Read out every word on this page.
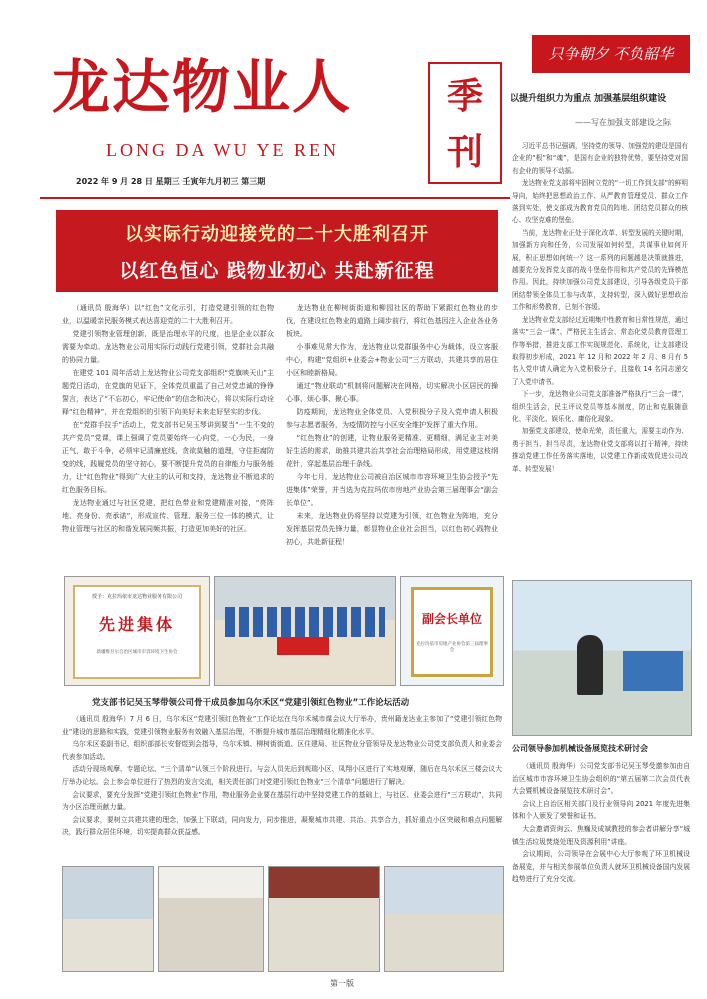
龙达物业人
LONG DA WU YE REN
季
刊
只争朝夕 不负韶华
以提升组织力为重点 加强基层组织建设
——写在加强支部建设之际
2022 年 9 月 28 日 星期三 壬寅年九月初三 第三期
以实际行动迎接党的二十大胜利召开
以红色恒心 践物业初心 共赴新征程

（通讯员 殷海华）以“红色”文化示引，打造党建引领的红色物业，以温暖亲民服务模式表达喜迎党的二十大胜利召开。

党建引领物业管理创新，既是治理水平的尺度，也是企业以群众需要为牵动。龙达物业公司用实际行动践行党建引领，党群社会共融的协同力量。

在建党 101 周年活动上龙达物业公司党支部组织“党旗映天山”主题党日活动，在党旗的见证下，全体党员重温了自己对党忠诚的铮铮誓言，表达了“不忘初心，牢记使命”的信念和决心，将以实际行动诠释“红色精神”，并在党组织的引领下向美好未来走好坚实的步伐。

在“党群手拉手”活动上，党支部书记吴玉琴讲到要当“一生不变的共产党员”党课，课上强调了党员要始终一心向党，一心为民，一身正气，敢于斗争，必须牢记清廉底线，贪欲莫触的道理，守住拒腐防变的线，践履党员的坚守初心，要不断提升党员的自律能力与服务能力，让“红色物业”得到广大业主的认可和支持，龙达物业不断追求的红色服务目标。

龙达物业通过与社区党建，把红色带业和党建精准对接，“亮阵地、亮身份、亮承诺”，形成宣传、管理、服务三位一体的模式，让物业管理与社区的和谐发展同频共振，打造更加美好的社区。

龙达物业在柳树街街道和柳园社区的帮助下紧跟红色物业的步伐，在建设红色物业的道路上阔步前行，将红色基因注入企业各业务板块。

小事难见常大作为，龙达物业以党群服务中心为载体，设立客服中心，构建“党组织+业委会+物业公司”三方联动，共建共享的居住小区和睦新格局。

通过“物业联动”机制将问题解决在网格，切实解决小区居民的操心事、烦心事、揪心事。

防疫期间，龙达物业全体党员、入党积极分子及入党申请人积极参与志愿者服务，为疫情防控与小区安全维护发挥了重大作用。

“红色物业”的创建，让物业服务更精准、更精细，满足业主对美好生活的需求，助推共建共治共享社会治理格局形成，用党建这枝纲花针，穿起基层治理千条线。

今年七月，龙达物业公司被自治区城市市容环境卫生协会授予“先进集体”荣誉，并当选为克拉玛依市房地产业协会第三届理事会“副会长单位”。

未来，龙达物业仍将坚持以党建为引领，红色物业为阵地，充分发挥基层党员先锋力量，彰显物业企业社会担当，以红色初心践物业初心，共赴新征程！

习近平总书记强调，坚持党的领导、加强党的建设是国有企业的“根”和“魂”，是国有企业的独特优势，要坚持党对国有企业的领导不动摇。

龙达物业党支部将牢固树立党的“一切工作到支部”的鲜明导向，始终把思想政治工作、从严教育管理党员、群众工作落到实处，使支部成为教育党员的阵地、团结党员群众的核心、攻坚克难的堡垒。

当前，龙达物业正处于深化改革、转型发展的关键时期，加强新方向和任务，公司发展如何转型，共谋事业如何开展，积正思想如何统一？这一系列的问题越是决策就推进，越要充分发挥党支部的战斗堡垒作用和共产党员的先锋模范作用。因此，持续加强公司党支部建设，引导各级党员干部团结带领全体员工参与改革，支持转型，深入做好思想政治工作和形势教育，已刻不容缓。

龙达物业党支部经过近期集中性教育和日常性规范，通过落实“三会一课”、严格民主生活会、常态化党员教育管理工作等举措，推进支部工作实现规范化、系统化，让支部建设取得初步形成，2021 年 12 月和 2022 年 2 月、8 月有 5 名入党申请人确定为入党积极分子，且接收 14 名同志递交了入党申请书。

下一步，龙达物业公司党支部准备严格执行“三会一课”，组织生活会，民主评议党员等基本制度，防止和克服随意化、平淡化、娱乐化、庸俗化现象。

加强党支部建设，使命光荣，责任重大，需要主动作为、勇于担当、担当尽责，龙达物业党支部将以打于精神，持续推动党建工作任务落实落地，以党建工作新成效促进公司改革、转型发展！

授予：克拉玛依市龙达物业服务有限公司
先进集体
新疆维吾尔自治区城市市容环境卫生协会
副会长单位
克拉玛依市房地产业协会第三届理事会
党支部书记吴玉琴带领公司骨干成员参加乌尔禾区“党建引领红色物业”工作论坛活动

（通讯员 殷海华）7 月 6 日，乌尔禾区“党建引领红色物业”工作论坛在乌尔禾城市煤会议大厅举办，贵州籍龙达业主参加了“党建引领红色物业”建设的思路和实践，党建引领物业服务有效融入基层治理，不断提升城市基层治理精细化精准化水平。

乌尔禾区委副书记、组织部部长安督煜到会指导，乌尔禾镇、柳树街街道、区住建局、社区物业分管领导及龙达物业公司党支部负责人和业委会代表参加活动。

活动分现场观摩、专题论坛、“三个清单”认领三个阶段进行。与会人员先后到观瑞小区、凤翔小区进行了实地观摩，随后在乌尔禾区三楼会议大厅举办论坛。会上参会单位进行了热烈的发言交流，相关责任部门对党建引领红色物业“三个清单”问题进行了解决。

会议要求，要充分发挥“党建引领红色物业”作用，物业服务企业要在基层行动中坚持党建工作的基础上，与社区、业委会进行“三方联动”，共同为小区治理贡献力量。

会议要求，要树立共建共建的理念，加强上下联动，同向发力，同步推进，凝聚城市共建、共治、共享合力，抓好重点小区突破和难点问题解决，践行群众居住环境，切实提高群众获益感。

公司领导参加机械设备展览技术研讨会

（通讯员 殷海华）公司党支部书记吴玉琴受邀参加由自治区城市市容环境卫生协会组织的“第五届第二次会员代表大会暨机械设备展览技术研讨会”。

会议上自治区相关部门及行业领导向 2021 年度先进集体和个人颁发了荣誉和证书。

大会邀请资询云、焦巍及成斌教授的参会者讲解分享“城镇生活垃圾焚烧处理及资源利用”讲座。

会议期间，公司领导在会展中心大厅参观了环卫机械设备展览，并与相关参展单位负责人就环卫机械设备国内发展趋势进行了充分交流。

第一版
